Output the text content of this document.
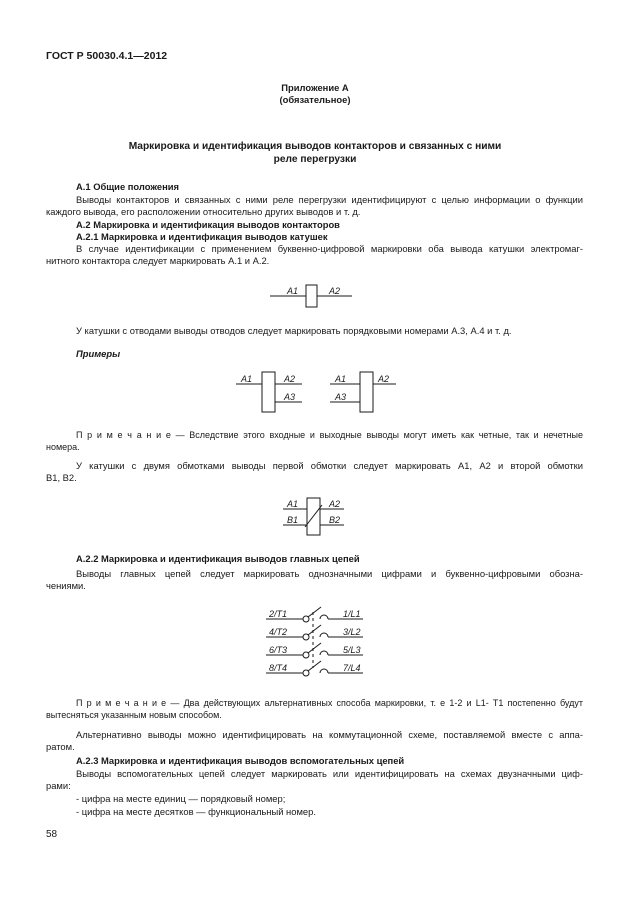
ГОСТ Р 50030.4.1—2012
Приложение А
(обязательное)
Маркировка и идентификация выводов контакторов и связанных с ними
реле перегрузки
А.1 Общие положения
Выводы контакторов и связанных с ними реле перегрузки идентифицируют с целью информации о функции
каждого вывода, его расположении относительно других выводов и т. д.
А.2 Маркировка и идентификация выводов контакторов
А.2.1 Маркировка и идентификация выводов катушек
В случае идентификации с применением буквенно-цифровой маркировки оба вывода катушки электромаг-
нитного контактора следует маркировать А.1 и А.2.
A1	A2
У катушки с отводами выводы отводов следует маркировать порядковыми номерами А.3, А.4 и т. д.
Примеры
A1	A2
A3
A1
A3
A2
П р и м е ч а н и е — Вследствие этого входные и выходные выводы могут иметь как четные, так и нечетные
номера.
У катушки с двумя обмотками выводы первой обмотки следует маркировать А1, А2 и второй обмотки
В1, В2.
A1	A2
B1	B2
А.2.2 Маркировка и идентификация выводов главных цепей
Выводы главных цепей следует маркировать однозначными цифрами и буквенно-цифровыми обозна-
чениями.
2/T1	1/L1
4/T2	3/L2
6/T3	5/L3
8/T4	7/L4
П р и м е ч а н и е — Два действующих альтернативных способа маркировки, т. е 1-2 и L1- T1 постепенно будут
вытесняться указанным новым способом.
Альтернативно выводы можно идентифицировать на коммутационной схеме, поставляемой вместе с аппа-
ратом.
А.2.3 Маркировка и идентификация выводов вспомогательных цепей
Выводы вспомогательных цепей следует маркировать или идентифицировать на схемах двузначными циф-
рами:
- цифра на месте единиц — порядковый номер;
- цифра на месте десятков — функциональный номер.
58
